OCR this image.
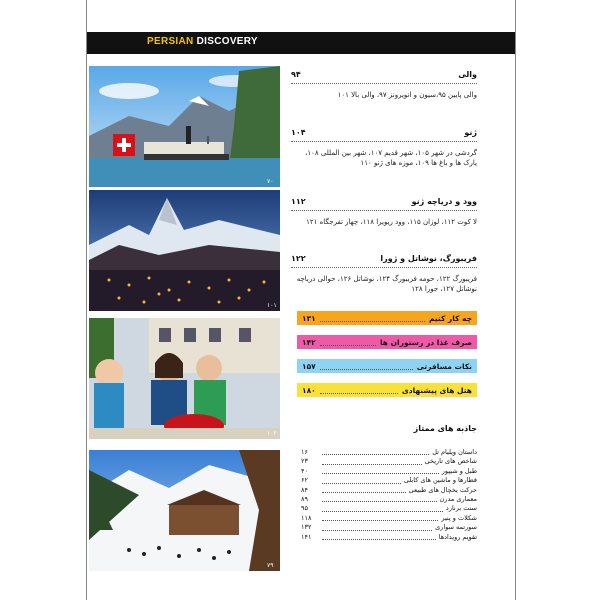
PERSIAN DISCOVERY
۷۰
۱۰۱
۱۰۲
۷۹
والی
۹۴
والی پایین ۹۵،سیون و انویرونز ۹۷، والی بالا ۱۰۱
ژنو
۱۰۴
گردشی در شهر ۱۰۵، شهر قدیم ۱۰۷، شهر بین المللی ۱۰۸، پارک ها و باغ ها ۱۰۹، موزه های ژنو ۱۱۰
وود و دریاچه ژنو
۱۱۲
لا کوت ۱۱۲، لوزان ۱۱۵، وود ریویرا ۱۱۸، چهار تفرجگاه ۱۲۱
فریبورگ، نوشاتل و ژورا
۱۲۲
فریبورگ ۱۲۲، حومه فریبورگ ۱۲۴، نوشاتل ۱۲۶، حوالی دریاچه نوشاتل ۱۲۷، جورا ۱۲۸
چه کار کنیم
۱۳۱
صرف غذا در رستوران ها
۱۴۲
نکات مسافرتی
۱۵۷
هتل های پیشنهادی
۱۸۰
جاذبه های ممتاز
داستان ویلیام تل
۱۶
شاخص های تاریخی
۲۳
طبل و شیپور
۴۰
قطارها و ماشین های کابلی
۶۲
حرکت یخچال های طبیعی
۸۴
معماری مدرن
۸۹
سنت برنارد
۹۵
شکلات و پنیر
۱۱۸
سورتمه سواری
۱۳۲
تقویم رویدادها
۱۴۱
